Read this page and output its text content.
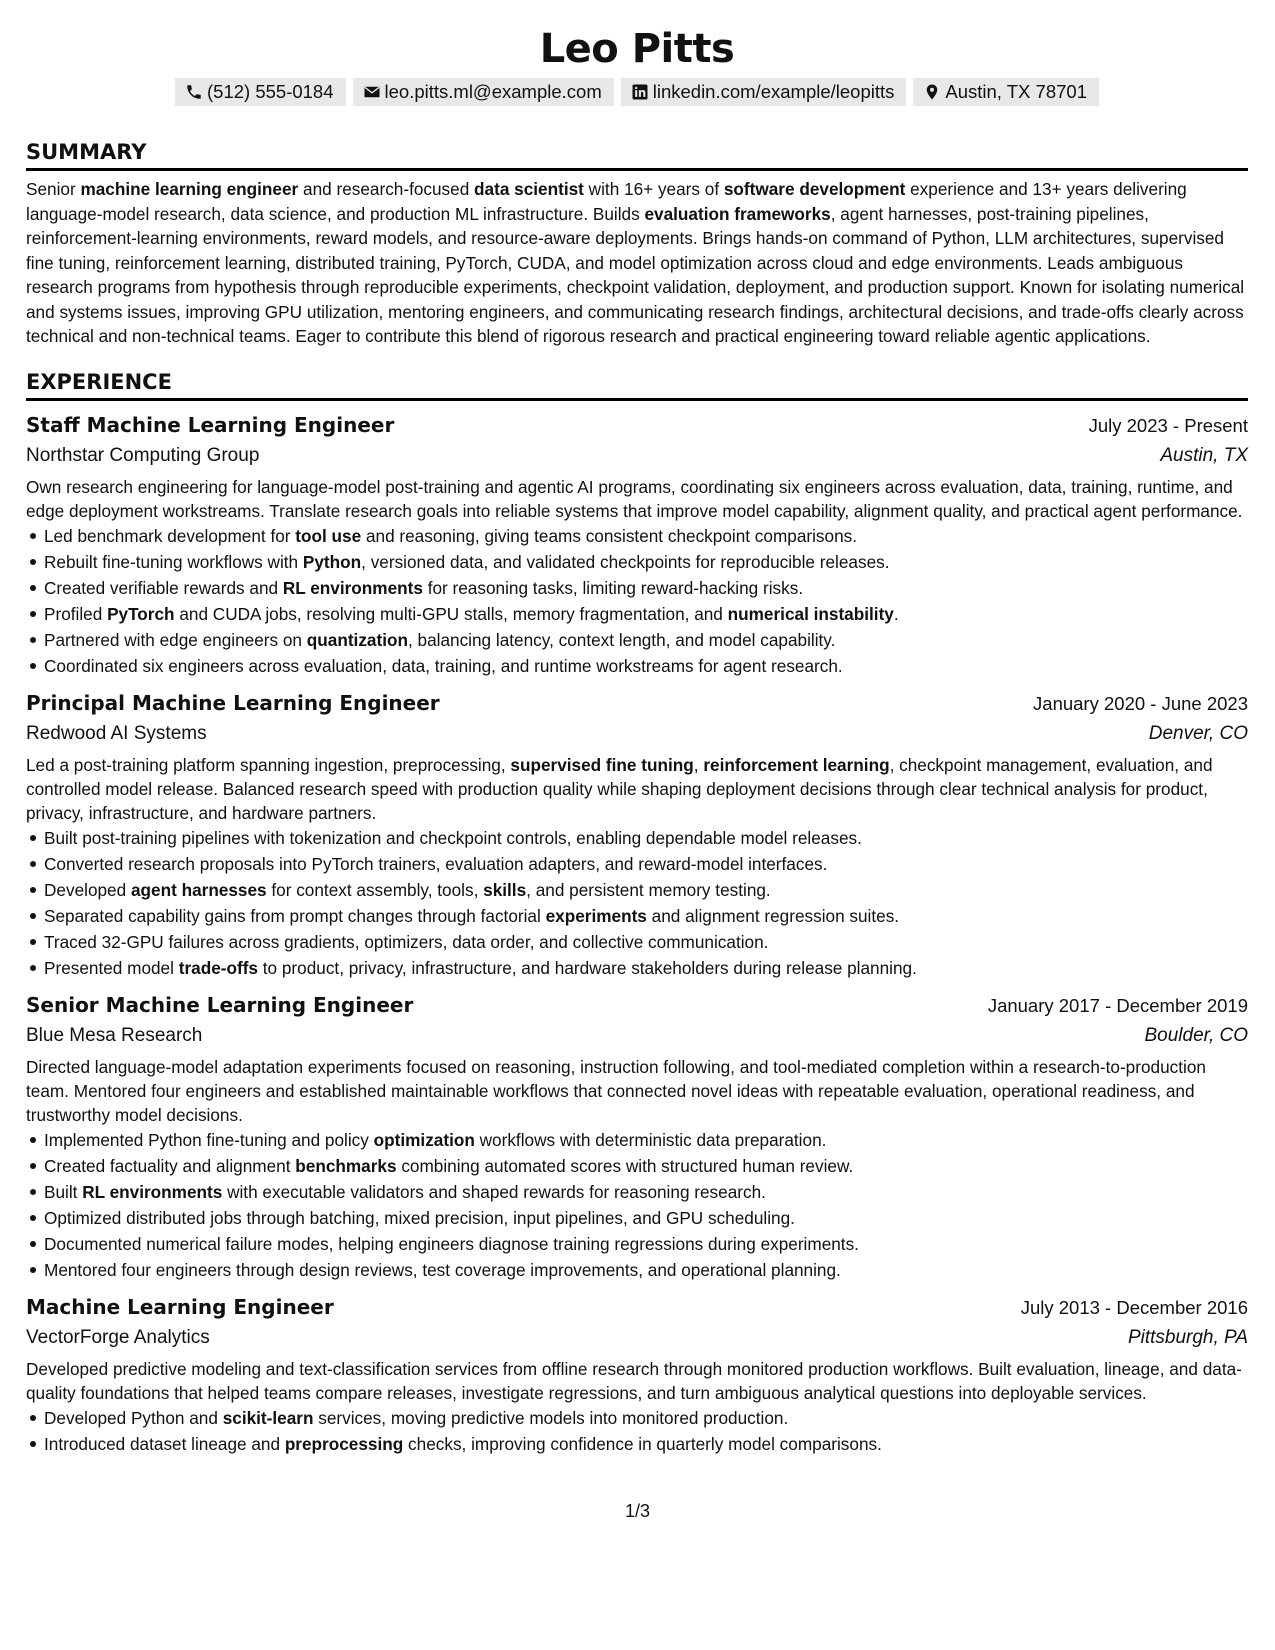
Leo Pitts
(512) 555-0184	leo.pitts.ml@example.com	linkedin.com/example/leopitts	Austin, TX 78701
SUMMARY

Senior machine learning engineer and research-focused data scientist with 16+ years of software development experience and 13+ years delivering language-model research, data science, and production ML infrastructure. Builds evaluation frameworks, agent harnesses, post-training pipelines, reinforcement-learning environments, reward models, and resource-aware deployments. Brings hands-on command of Python, LLM architectures, supervised fine tuning, reinforcement learning, distributed training, PyTorch, CUDA, and model optimization across cloud and edge environments. Leads ambiguous research programs from hypothesis through reproducible experiments, checkpoint validation, deployment, and production support. Known for isolating numerical and systems issues, improving GPU utilization, mentoring engineers, and communicating research findings, architectural decisions, and trade-offs clearly across technical and non-technical teams. Eager to contribute this blend of rigorous research and practical engineering toward reliable agentic applications.

EXPERIENCE
Staff Machine Learning Engineer	July 2023 - Present
Northstar Computing Group	Austin, TX
Own research engineering for language-model post-training and agentic AI programs, coordinating six engineers across evaluation, data, training, runtime, and edge deployment workstreams. Translate research goals into reliable systems that improve model capability, alignment quality, and practical agent performance.
Led benchmark development for tool use and reasoning, giving teams consistent checkpoint comparisons.
Rebuilt fine-tuning workflows with Python, versioned data, and validated checkpoints for reproducible releases.
Created verifiable rewards and RL environments for reasoning tasks, limiting reward-hacking risks.
Profiled PyTorch and CUDA jobs, resolving multi-GPU stalls, memory fragmentation, and numerical instability.
Partnered with edge engineers on quantization, balancing latency, context length, and model capability.
Coordinated six engineers across evaluation, data, training, and runtime workstreams for agent research.
Principal Machine Learning Engineer	January 2020 - June 2023
Redwood AI Systems	Denver, CO
Led a post-training platform spanning ingestion, preprocessing, supervised fine tuning, reinforcement learning, checkpoint management, evaluation, and controlled model release. Balanced research speed with production quality while shaping deployment decisions through clear technical analysis for product, privacy, infrastructure, and hardware partners.
Built post-training pipelines with tokenization and checkpoint controls, enabling dependable model releases.
Converted research proposals into PyTorch trainers, evaluation adapters, and reward-model interfaces.
Developed agent harnesses for context assembly, tools, skills, and persistent memory testing.
Separated capability gains from prompt changes through factorial experiments and alignment regression suites.
Traced 32-GPU failures across gradients, optimizers, data order, and collective communication.
Presented model trade-offs to product, privacy, infrastructure, and hardware stakeholders during release planning.
Senior Machine Learning Engineer	January 2017 - December 2019
Blue Mesa Research	Boulder, CO
Directed language-model adaptation experiments focused on reasoning, instruction following, and tool-mediated completion within a research-to-production team. Mentored four engineers and established maintainable workflows that connected novel ideas with repeatable evaluation, operational readiness, and trustworthy model decisions.
Implemented Python fine-tuning and policy optimization workflows with deterministic data preparation.
Created factuality and alignment benchmarks combining automated scores with structured human review.
Built RL environments with executable validators and shaped rewards for reasoning research.
Optimized distributed jobs through batching, mixed precision, input pipelines, and GPU scheduling.
Documented numerical failure modes, helping engineers diagnose training regressions during experiments.
Mentored four engineers through design reviews, test coverage improvements, and operational planning.
Machine Learning Engineer	July 2013 - December 2016
VectorForge Analytics	Pittsburgh, PA
Developed predictive modeling and text-classification services from offline research through monitored production workflows. Built evaluation, lineage, and data-quality foundations that helped teams compare releases, investigate regressions, and turn ambiguous analytical questions into deployable services.
Developed Python and scikit-learn services, moving predictive models into monitored production.
Introduced dataset lineage and preprocessing checks, improving confidence in quarterly model comparisons.
1/3
